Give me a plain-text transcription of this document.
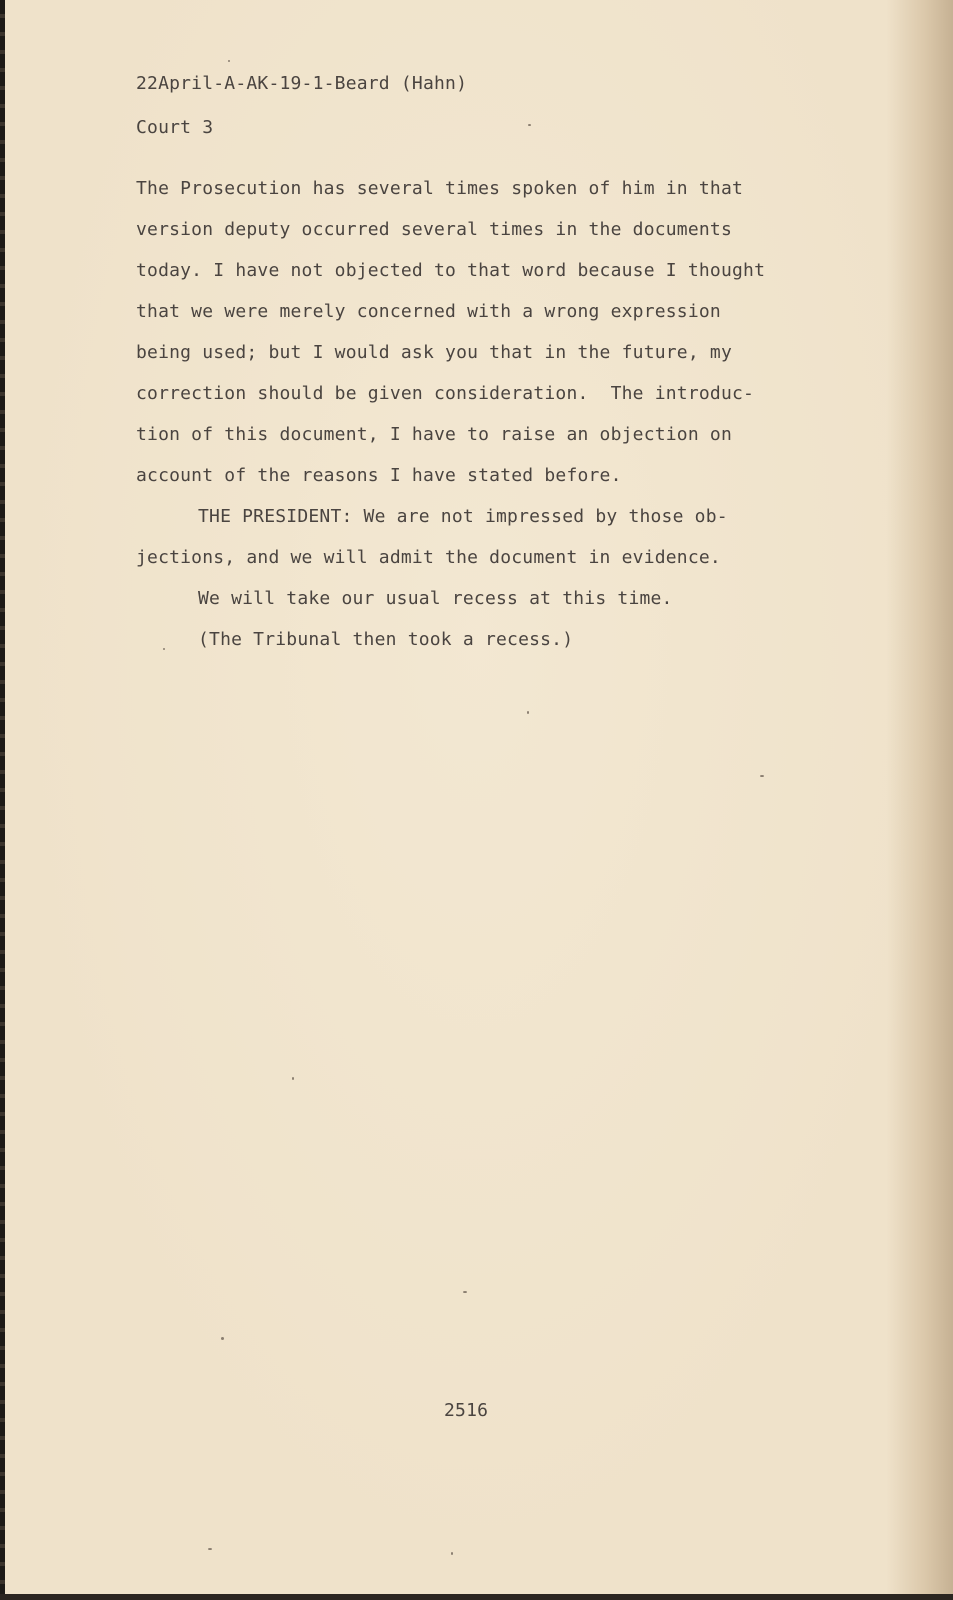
22April-A-AK-19-1-Beard (Hahn)
Court 3
The Prosecution has several times spoken of him in that
version deputy occurred several times in the documents
today. I have not objected to that word because I thought
that we were merely concerned with a wrong expression
being used; but I would ask you that in the future, my
correction should be given consideration.  The introduc-
tion of this document, I have to raise an objection on
account of the reasons I have stated before.
THE PRESIDENT: We are not impressed by those ob-
jections, and we will admit the document in evidence.
We will take our usual recess at this time.
(The Tribunal then took a recess.)
2516
